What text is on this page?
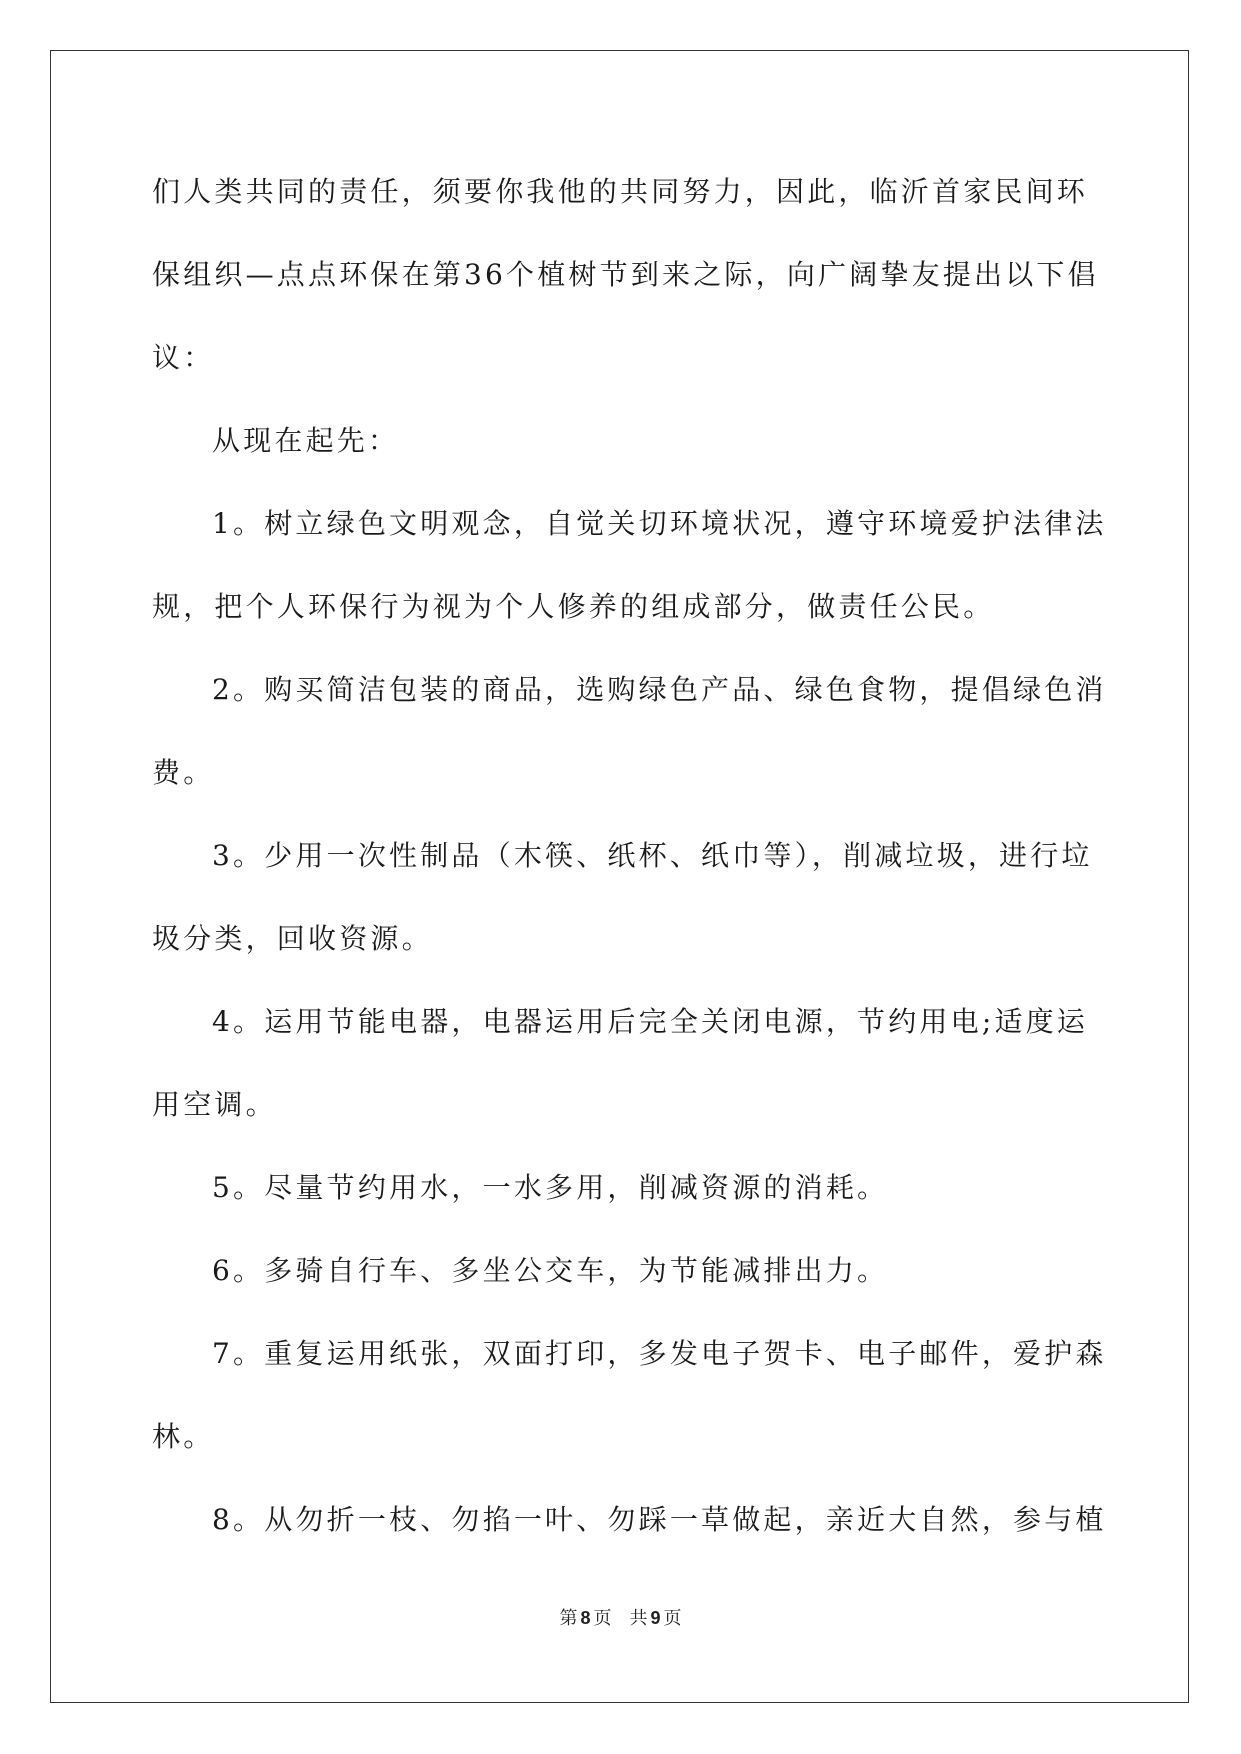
们人类共同的责任，须要你我他的共同努力，因此，临沂首家民间环
保组织—点点环保在第36个植树节到来之际，向广阔挚友提出以下倡
议：

从现在起先：

1。树立绿色文明观念，自觉关切环境状况，遵守环境爱护法律法
规，把个人环保行为视为个人修养的组成部分，做责任公民。

2。购买简洁包装的商品，选购绿色产品、绿色食物，提倡绿色消
费。

3。少用一次性制品（木筷、纸杯、纸巾等），削减垃圾，进行垃
圾分类，回收资源。

4。运用节能电器，电器运用后完全关闭电源，节约用电;适度运
用空调。

5。尽量节约用水，一水多用，削减资源的消耗。

6。多骑自行车、多坐公交车，为节能减排出力。

7。重复运用纸张，双面打印，多发电子贺卡、电子邮件，爱护森
林。

8。从勿折一枝、勿掐一叶、勿踩一草做起，亲近大自然，参与植

第 8 页 共 9 页
